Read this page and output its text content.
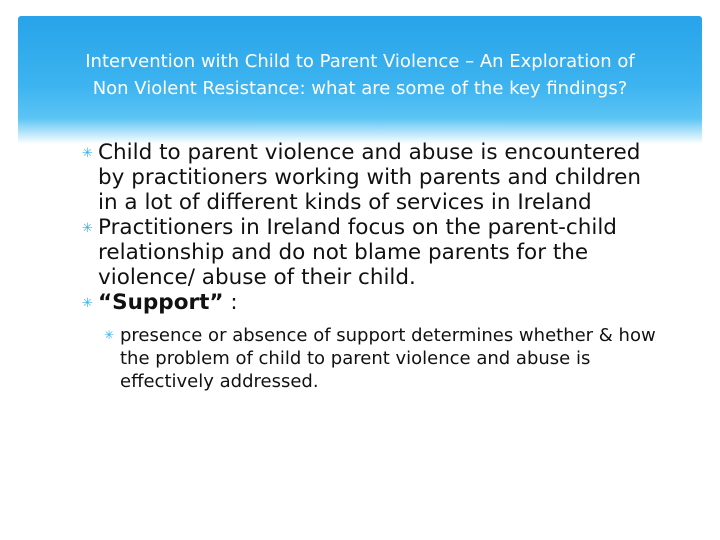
Intervention with Child to Parent Violence – An Exploration of
Non Violent Resistance: what are some of the key findings?
✳ Child to parent violence and abuse is encountered by practitioners working with parents and children in a lot of different kinds of services in Ireland
✳ Practitioners in Ireland focus on the parent-child relationship and do not blame parents for the violence/ abuse of their child.
✳ “Support” :
✳ presence or absence of support determines whether & how the problem of child to parent violence and abuse is effectively addressed.
